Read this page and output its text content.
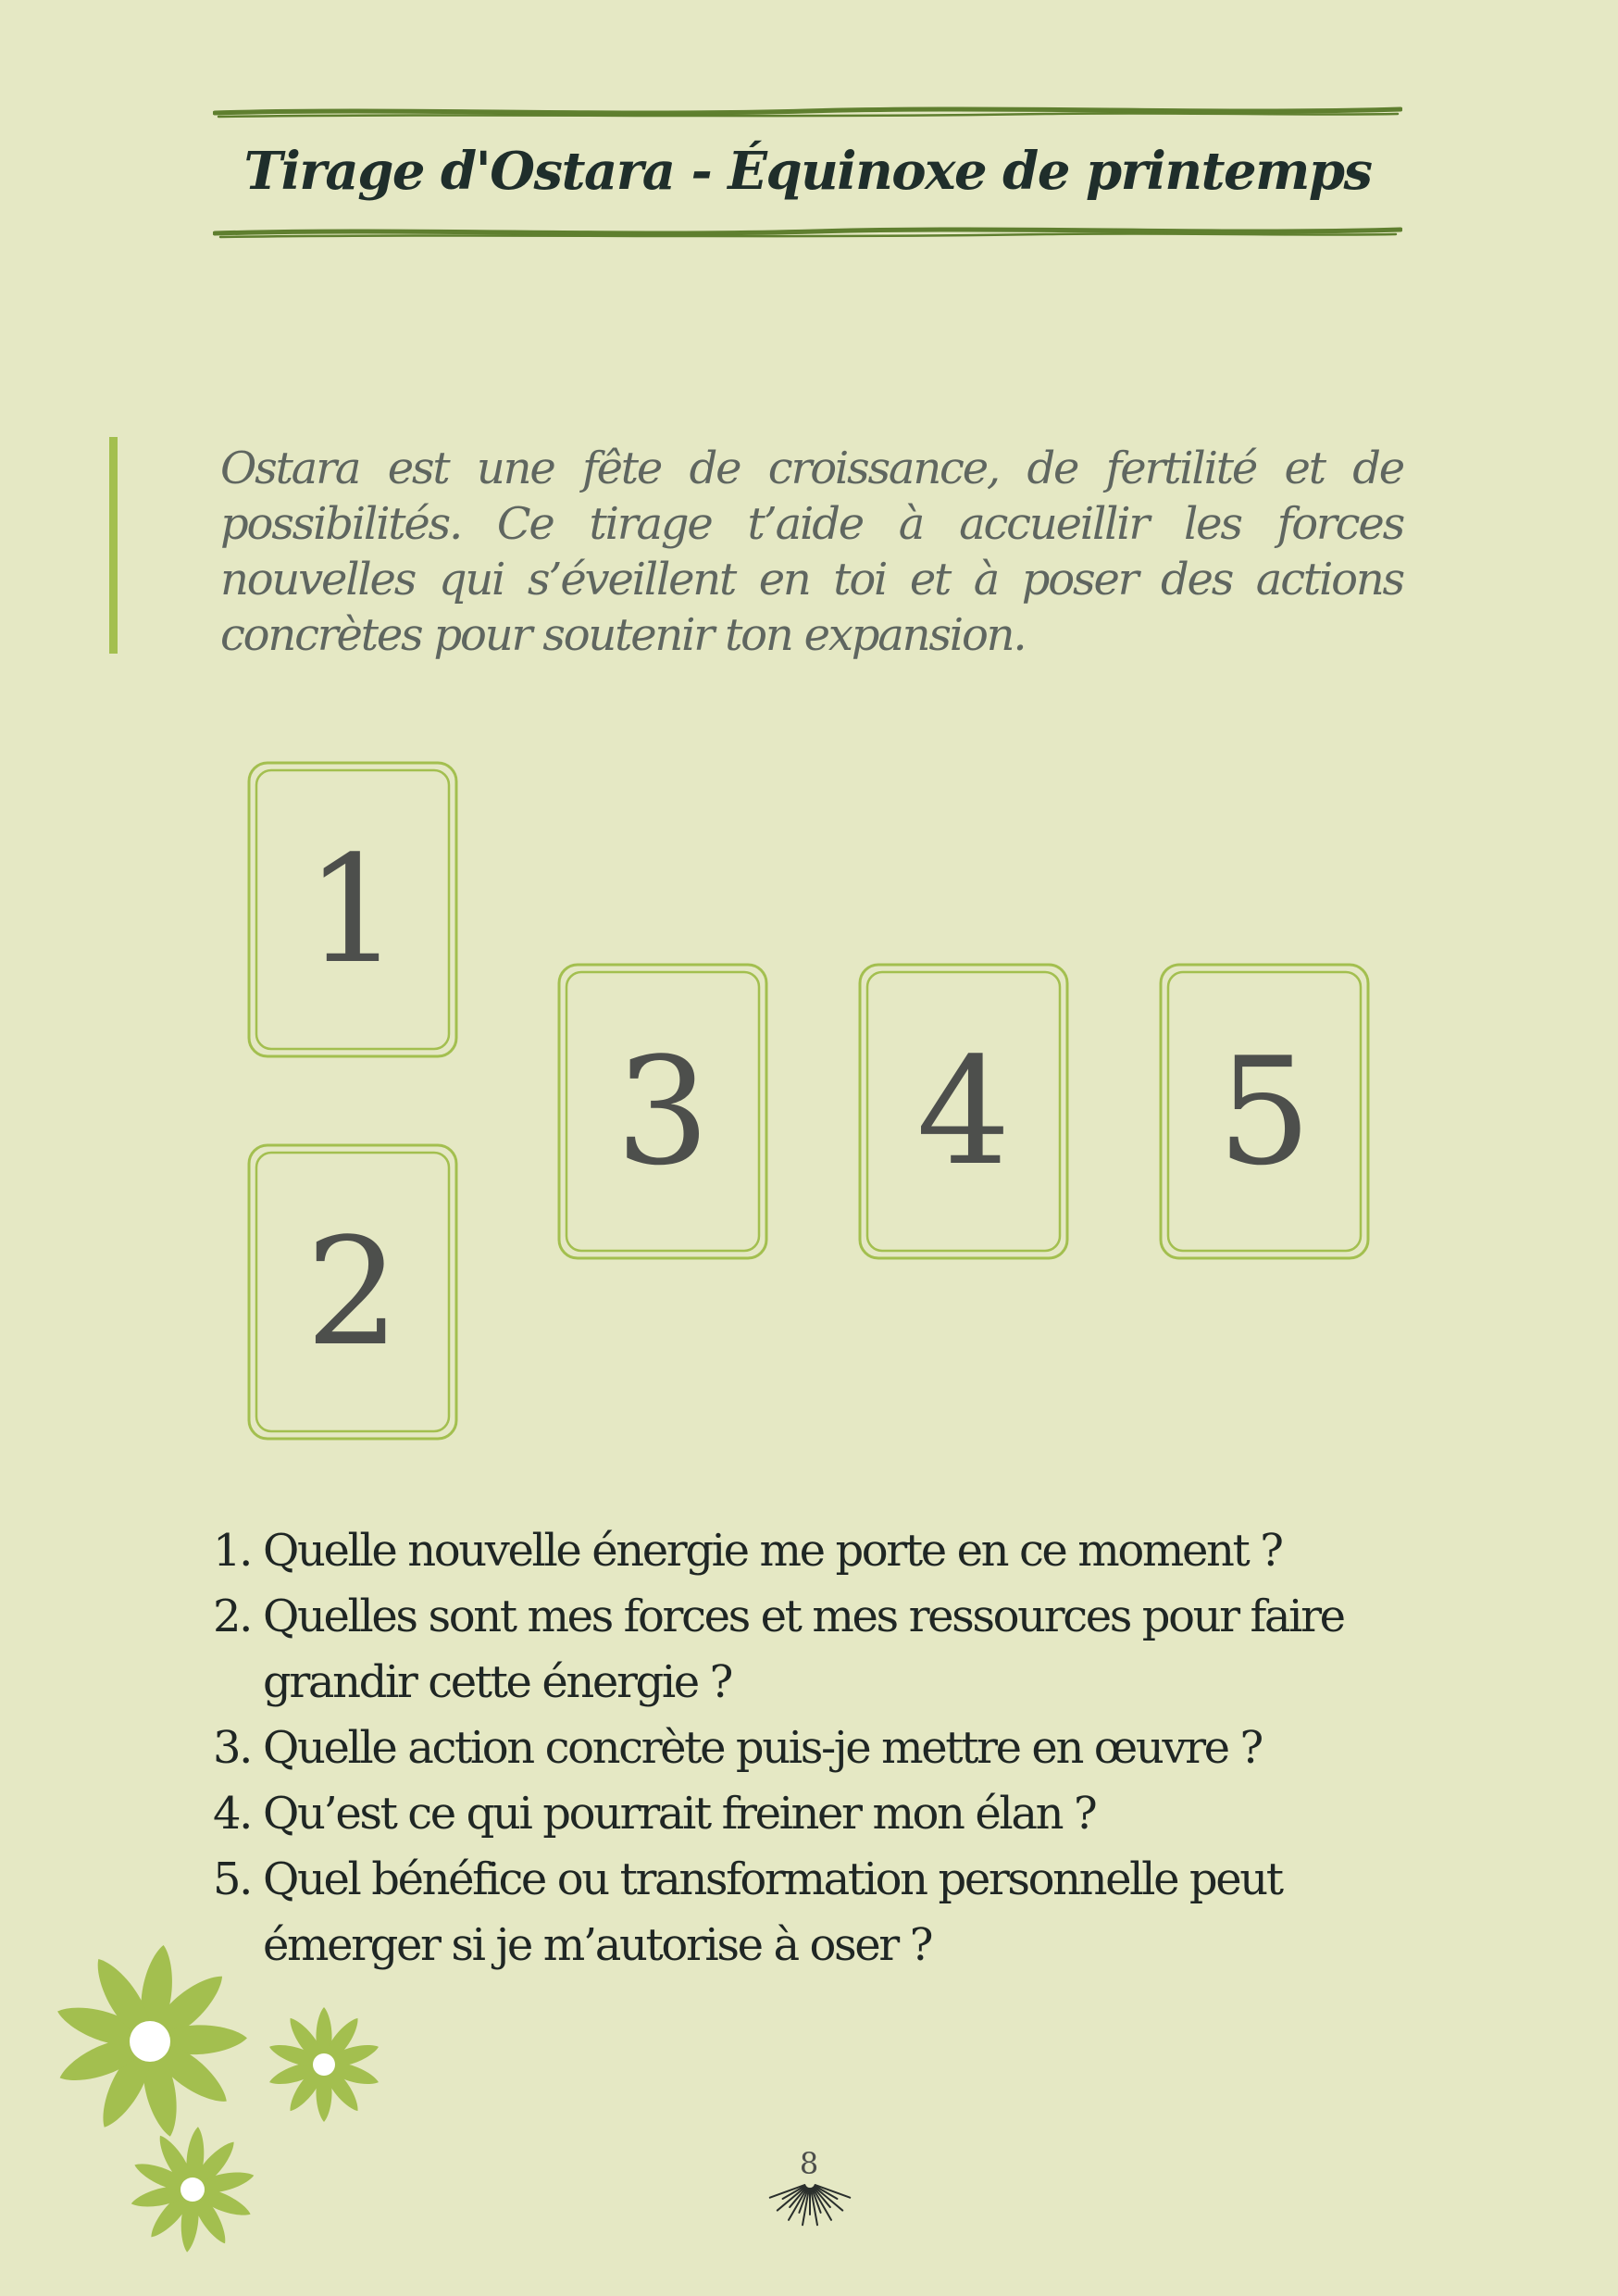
Tirage d'Ostara - Équinoxe de printemps

Ostara est une fête de croissance, de fertilité et de possibilités. Ce tirage t’aide à accueillir les forces nouvelles qui s’éveillent en toi et à poser des actions concrètes pour soutenir ton expansion.

1
2
3	4	5
1. Quelle nouvelle énergie me porte en ce moment ?
2. Quelles sont mes forces et mes ressources pour faire grandir cette énergie ?
3. Quelle action concrète puis-je mettre en œuvre ?
4. Qu’est ce qui pourrait freiner mon élan ?
5. Quel bénéfice ou transformation personnelle peut émerger si je m’autorise à oser ?
8
